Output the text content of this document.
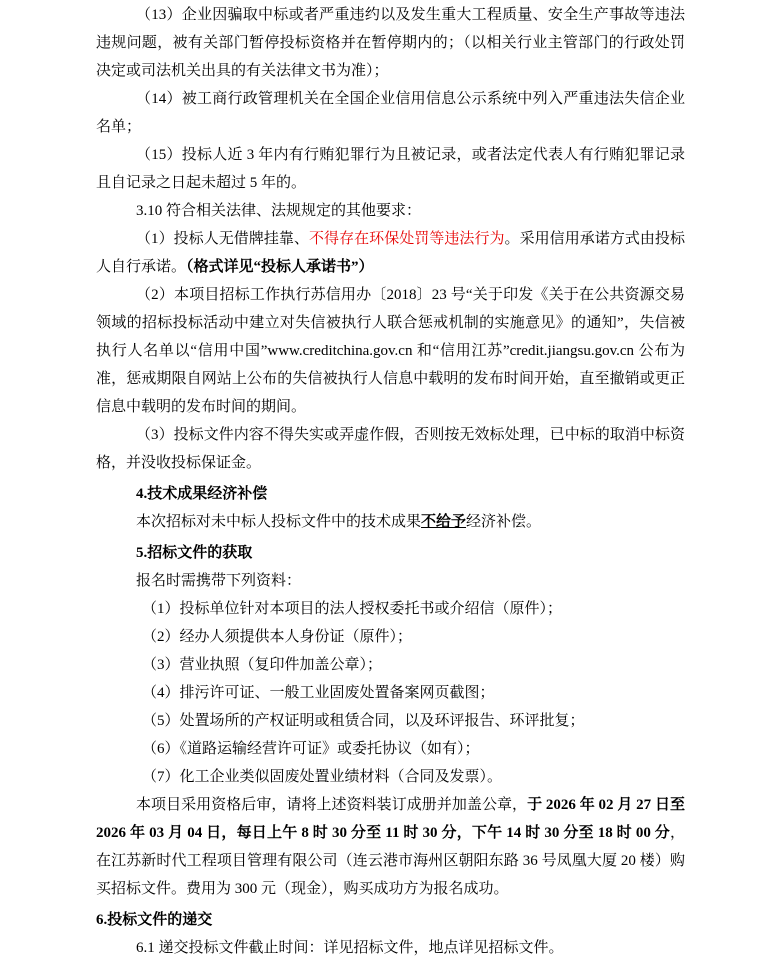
（13）企业因骗取中标或者严重违约以及发生重大工程质量、安全生产事故等违法违规问题，被有关部门暂停投标资格并在暂停期内的；（以相关行业主管部门的行政处罚决定或司法机关出具的有关法律文书为准）；

（14）被工商行政管理机关在全国企业信用信息公示系统中列入严重违法失信企业名单；

（15）投标人近 3 年内有行贿犯罪行为且被记录，或者法定代表人有行贿犯罪记录且自记录之日起未超过 5 年的。

3.10 符合相关法律、法规规定的其他要求：

（1）投标人无借牌挂靠、不得存在环保处罚等违法行为。采用信用承诺方式由投标人自行承诺。（格式详见“投标人承诺书”）

（2）本项目招标工作执行苏信用办〔2018〕23 号“关于印发《关于在公共资源交易领域的招标投标活动中建立对失信被执行人联合惩戒机制的实施意见》的通知”，失信被执行人名单以“信用中国”www.creditchina.gov.cn 和“信用江苏”credit.jiangsu.gov.cn 公布为准，惩戒期限自网站上公布的失信被执行人信息中载明的发布时间开始，直至撤销或更正信息中载明的发布时间的期间。

（3）投标文件内容不得失实或弄虚作假，否则按无效标处理，已中标的取消中标资格，并没收投标保证金。

4.技术成果经济补偿

本次招标对未中标人投标文件中的技术成果不给予经济补偿。

5.招标文件的获取

报名时需携带下列资料：

（1）投标单位针对本项目的法人授权委托书或介绍信（原件）；

（2）经办人须提供本人身份证（原件）；

（3）营业执照（复印件加盖公章）；

（4）排污许可证、一般工业固废处置备案网页截图；

（5）处置场所的产权证明或租赁合同，以及环评报告、环评批复；

（6）《道路运输经营许可证》或委托协议（如有）；

（7）化工企业类似固废处置业绩材料（合同及发票）。

本项目采用资格后审，请将上述资料装订成册并加盖公章，于 2026 年 02 月 27 日至 2026 年 03 月 04 日，每日上午 8 时 30 分至 11 时 30 分，下午 14 时 30 分至 18 时 00 分，在江苏新时代工程项目管理有限公司（连云港市海州区朝阳东路 36 号凤凰大厦 20 楼）购买招标文件。费用为 300 元（现金），购买成功方为报名成功。

6.投标文件的递交

6.1 递交投标文件截止时间：详见招标文件，地点详见招标文件。
